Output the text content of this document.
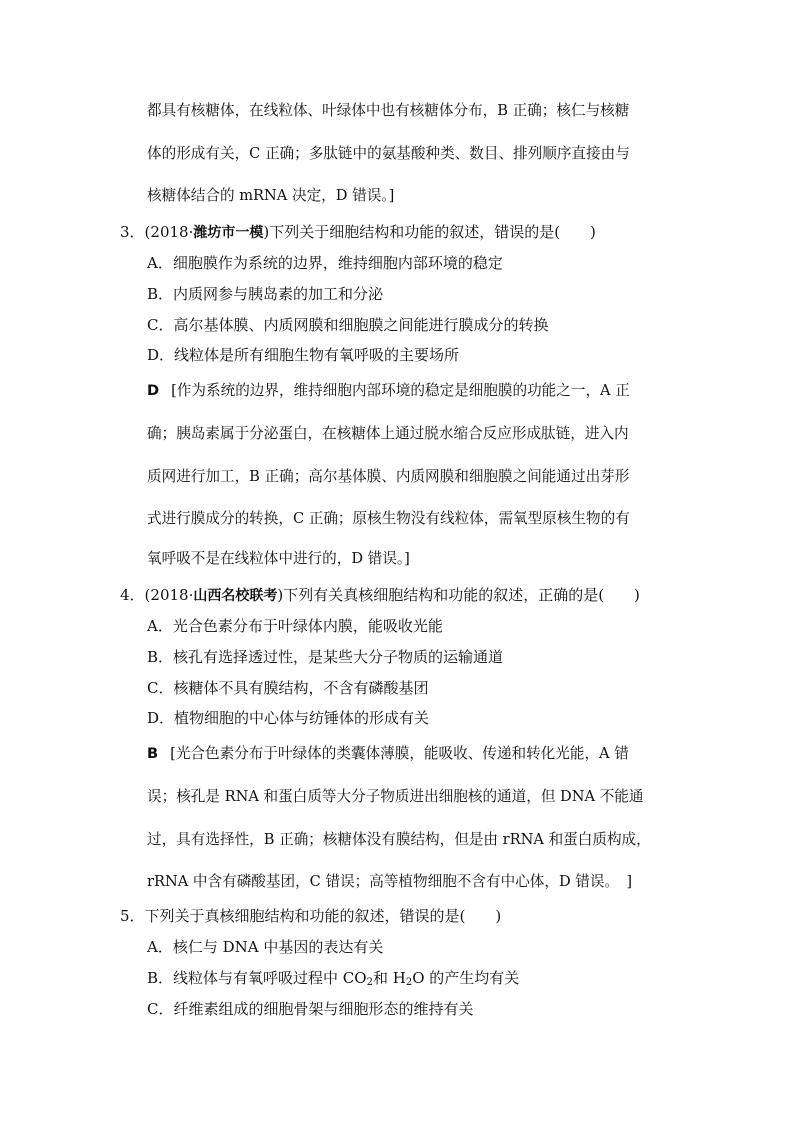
都具有核糖体，在线粒体、叶绿体中也有核糖体分布，B 正确；核仁与核糖
体的形成有关，C 正确；多肽链中的氨基酸种类、数目、排列顺序直接由与
核糖体结合的 mRNA 决定，D 错误。]
3．(2018·潍坊市一模)下列关于细胞结构和功能的叙述，错误的是(　　)
A．细胞膜作为系统的边界，维持细胞内部环境的稳定
B．内质网参与胰岛素的加工和分泌
C．高尔基体膜、内质网膜和细胞膜之间能进行膜成分的转换
D．线粒体是所有细胞生物有氧呼吸的主要场所
D [作为系统的边界，维持细胞内部环境的稳定是细胞膜的功能之一，A 正
确；胰岛素属于分泌蛋白，在核糖体上通过脱水缩合反应形成肽链，进入内
质网进行加工，B 正确；高尔基体膜、内质网膜和细胞膜之间能通过出芽形
式进行膜成分的转换，C 正确；原核生物没有线粒体，需氧型原核生物的有
氧呼吸不是在线粒体中进行的，D 错误。]
4．(2018·山西名校联考)下列有关真核细胞结构和功能的叙述，正确的是(　　)
A．光合色素分布于叶绿体内膜，能吸收光能
B．核孔有选择透过性，是某些大分子物质的运输通道
C．核糖体不具有膜结构，不含有磷酸基团
D．植物细胞的中心体与纺锤体的形成有关
B [光合色素分布于叶绿体的类囊体薄膜，能吸收、传递和转化光能，A 错
误；核孔是 RNA 和蛋白质等大分子物质进出细胞核的通道，但 DNA 不能通
过，具有选择性，B 正确；核糖体没有膜结构，但是由 rRNA 和蛋白质构成，
rRNA 中含有磷酸基团，C 错误；高等植物细胞不含有中心体，D 错误。　]
5．下列关于真核细胞结构和功能的叙述，错误的是(　　)
A．核仁与 DNA 中基因的表达有关
B．线粒体与有氧呼吸过程中 $CO_2$和 $H_2O$ 的产生均有关
C．纤维素组成的细胞骨架与细胞形态的维持有关
